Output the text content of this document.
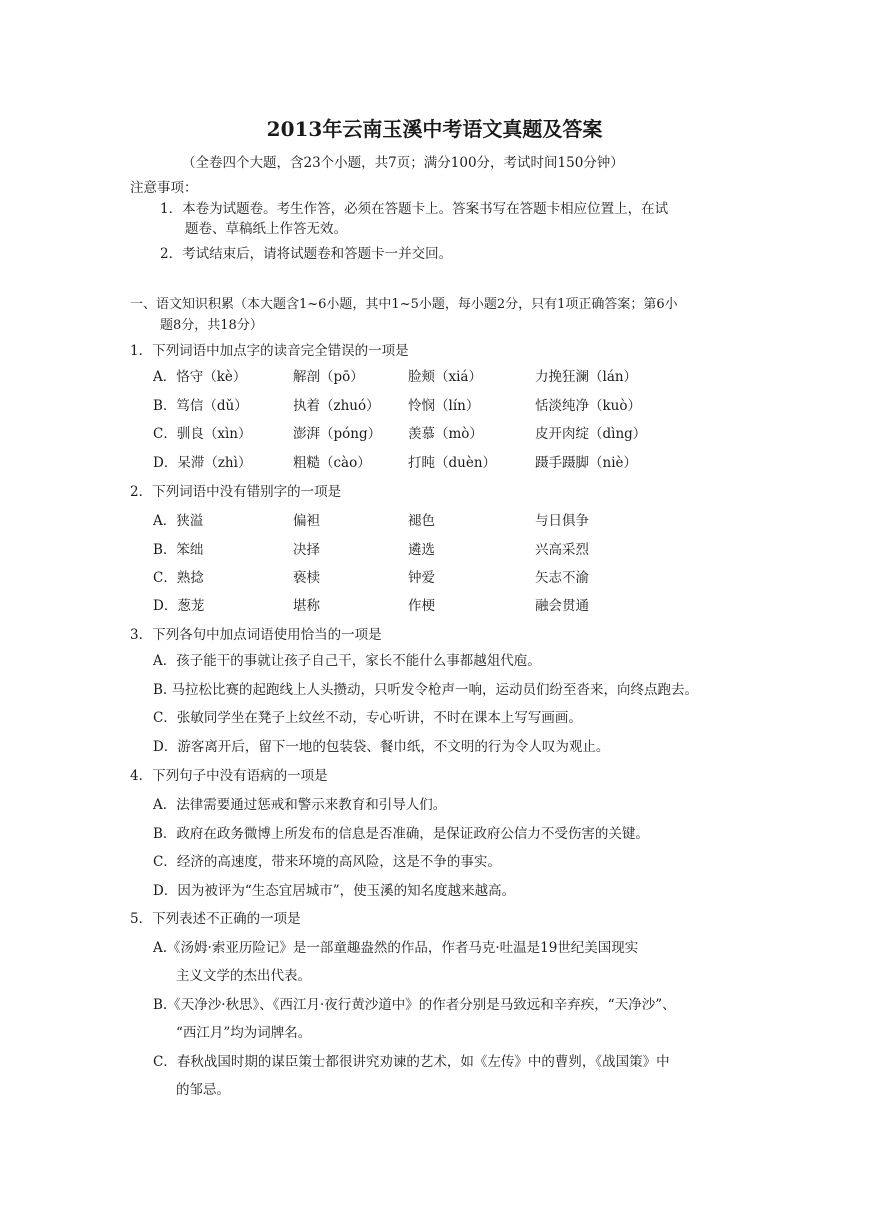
2013年云南玉溪中考语文真题及答案
（全卷四个大题，含23个小题，共7页；满分100分，考试时间150分钟）
注意事项：
1．本卷为试题卷。考生作答，必须在答题卡上。答案书写在答题卡相应位置上，在试
题卷、草稿纸上作答无效。
2．考试结束后，请将试题卷和答题卡一并交回。
一、语文知识积累（本大题含1~6小题，其中1~5小题，每小题2分，只有1项正确答案；第6小
题8分，共18分）
1．下列词语中加点字的读音完全错误的一项是
A．恪守（kè）	解剖（pō）	脸颊（xiá）	力挽狂澜（lán）
B．笃信（dǔ）	执着（zhuó） 怜悯（lín）	恬淡纯净（kuò）
C．驯良（xìn）	澎湃（póng） 羡慕（mò）	皮开肉绽（dìng）
D．呆滞（zhì）	粗糙（cào）	打盹（duèn）	蹑手蹑脚（niè）
2．下列词语中没有错别字的一项是
A．狭溢	偏袒	褪色	与日俱争
B．笨绌	决择	遴选	兴高采烈
C．熟捻	亵椟	钟爱	矢志不渝
D．葱茏	堪称	作梗	融会贯通
3．下列各句中加点词语使用恰当的一项是
A．孩子能干的事就让孩子自己干，家长不能什么事都越俎代庖。
B. 马拉松比赛的起跑线上人头攒动，只听发令枪声一响，运动员们纷至沓来，向终点跑去。
C．张敏同学坐在凳子上纹丝不动，专心听讲，不时在课本上写写画画。
D．游客离开后，留下一地的包装袋、餐巾纸，不文明的行为令人叹为观止。
4．下列句子中没有语病的一项是
A．法律需要通过惩戒和警示来教育和引导人们。
B．政府在政务微博上所发布的信息是否准确，是保证政府公信力不受伤害的关键。
C．经济的高速度，带来环境的高风险，这是不争的事实。
D．因为被评为“生态宜居城市”，使玉溪的知名度越来越高。
5．下列表述不正确的一项是
A.《汤姆·索亚历险记》是一部童趣盎然的作品，作者马克·吐温是19世纪美国现实
主义文学的杰出代表。
B.《天净沙·秋思》、《西江月·夜行黄沙道中》的作者分别是马致远和辛弃疾，“天净沙”、
“西江月”均为词牌名。
C．春秋战国时期的谋臣策士都很讲究劝谏的艺术，如《左传》中的曹刿，《战国策》中
的邹忌。
